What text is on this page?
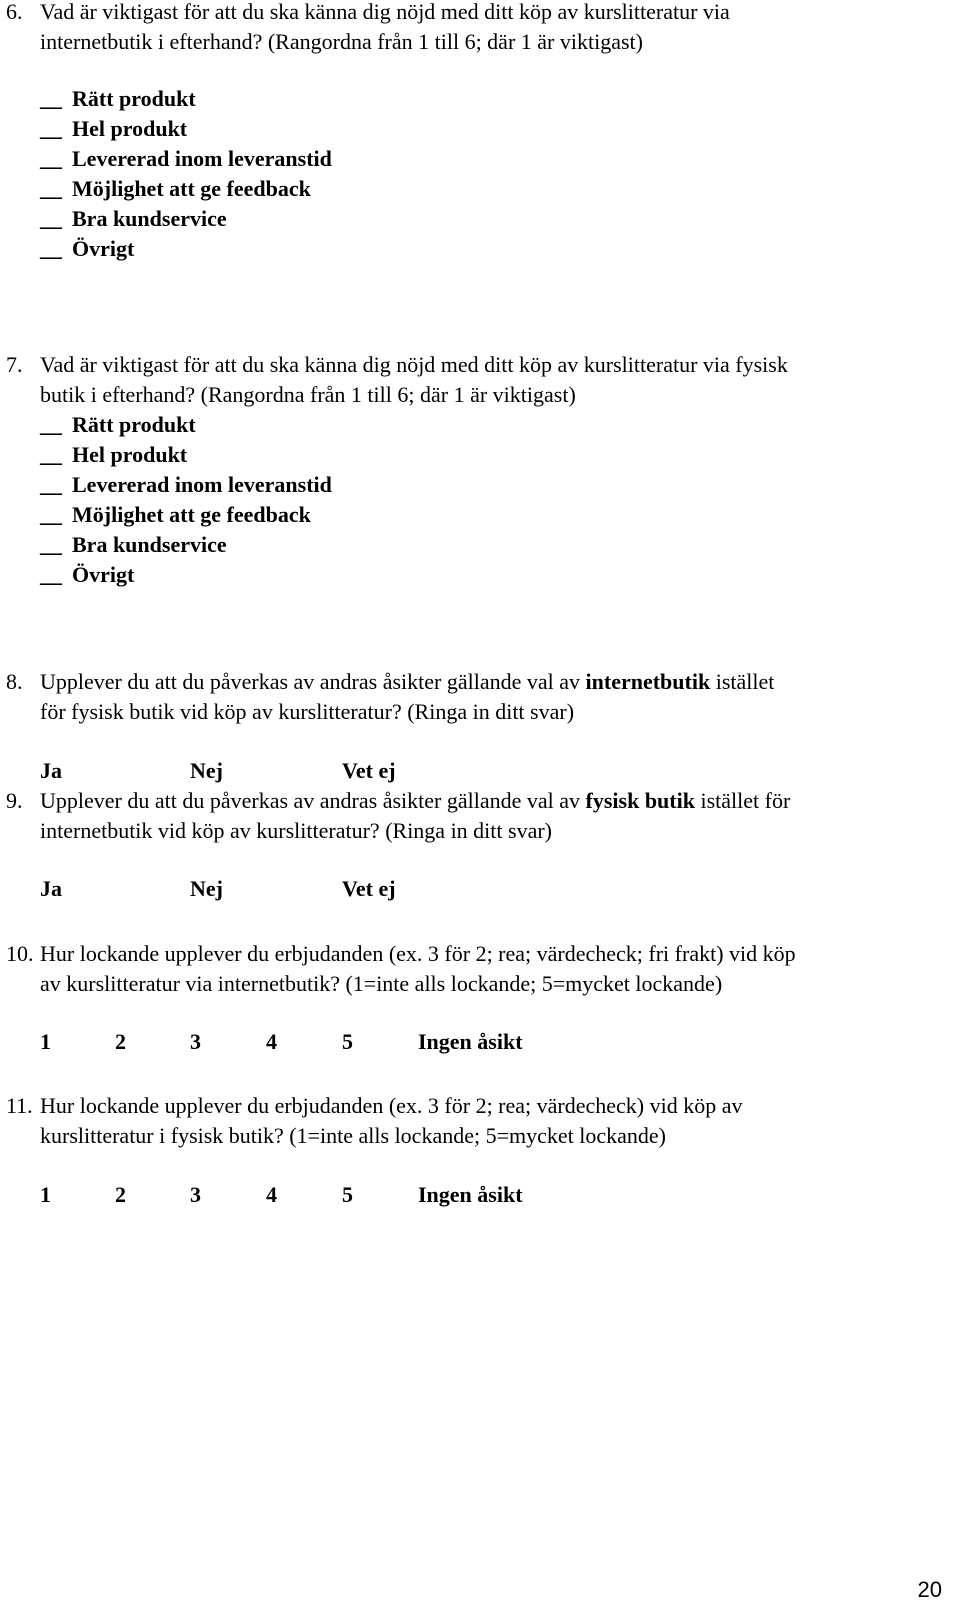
6. Vad är viktigast för att du ska känna dig nöjd med ditt köp av kurslitteratur via
internetbutik i efterhand? (Rangordna från 1 till 6; där 1 är viktigast)
__ Rätt produkt
__ Hel produkt
__ Levererad inom leveranstid
__ Möjlighet att ge feedback
__ Bra kundservice
__ Övrigt
7. Vad är viktigast för att du ska känna dig nöjd med ditt köp av kurslitteratur via fysisk
butik i efterhand? (Rangordna från 1 till 6; där 1 är viktigast)
__ Rätt produkt
__ Hel produkt
__ Levererad inom leveranstid
__ Möjlighet att ge feedback
__ Bra kundservice
__ Övrigt
8. Upplever du att du påverkas av andras åsikter gällande val av internetbutik istället
för fysisk butik vid köp av kurslitteratur? (Ringa in ditt svar)
Ja	Nej	Vet ej
9. Upplever du att du påverkas av andras åsikter gällande val av fysisk butik istället för
internetbutik vid köp av kurslitteratur? (Ringa in ditt svar)
Ja	Nej	Vet ej
10. Hur lockande upplever du erbjudanden (ex. 3 för 2; rea; värdecheck; fri frakt) vid köp
av kurslitteratur via internetbutik? (1=inte alls lockande; 5=mycket lockande)
1	2	3	4	5	Ingen åsikt
11. Hur lockande upplever du erbjudanden (ex. 3 för 2; rea; värdecheck) vid köp av
kurslitteratur i fysisk butik? (1=inte alls lockande; 5=mycket lockande)
1	2	3	4	5	Ingen åsikt
20
